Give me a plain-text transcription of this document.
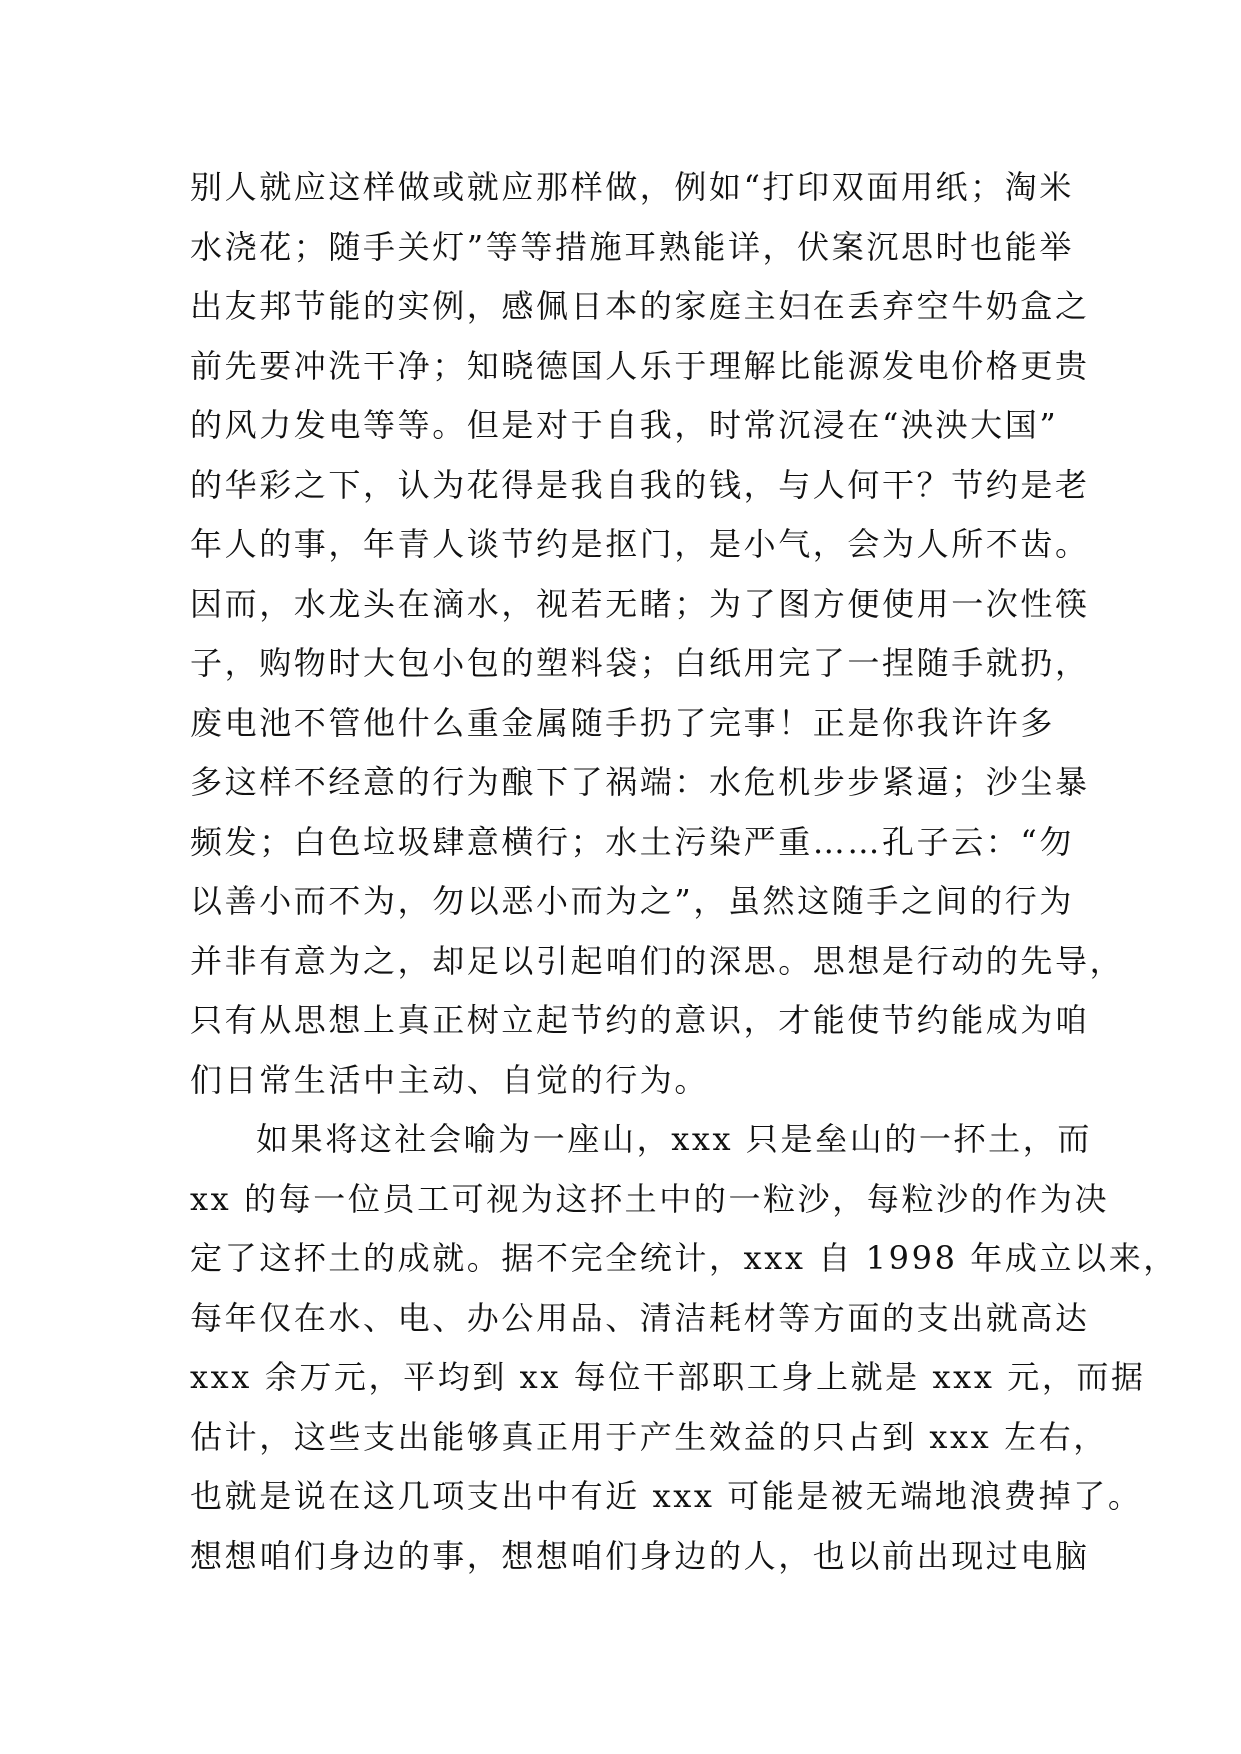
别人就应这样做或就应那样做，例如“打印双面用纸；淘米
水浇花；随手关灯”等等措施耳熟能详，伏案沉思时也能举
出友邦节能的实例，感佩日本的家庭主妇在丢弃空牛奶盒之
前先要冲洗干净；知晓德国人乐于理解比能源发电价格更贵
的风力发电等等。但是对于自我，时常沉浸在“泱泱大国”
的华彩之下，认为花得是我自我的钱，与人何干？节约是老
年人的事，年青人谈节约是抠门，是小气，会为人所不齿。
因而，水龙头在滴水，视若无睹；为了图方便使用一次性筷
子，购物时大包小包的塑料袋；白纸用完了一捏随手就扔，
废电池不管他什么重金属随手扔了完事！正是你我许许多
多这样不经意的行为酿下了祸端：水危机步步紧逼；沙尘暴
频发；白色垃圾肆意横行；水土污染严重……孔子云：“勿
以善小而不为，勿以恶小而为之”，虽然这随手之间的行为
并非有意为之，却足以引起咱们的深思。思想是行动的先导，
只有从思想上真正树立起节约的意识，才能使节约能成为咱
们日常生活中主动、自觉的行为。
如果将这社会喻为一座山，xxx 只是垒山的一抔土，而
xx 的每一位员工可视为这抔土中的一粒沙，每粒沙的作为决
定了这抔土的成就。据不完全统计，xxx 自 1998 年成立以来，
每年仅在水、电、办公用品、清洁耗材等方面的支出就高达
xxx 余万元，平均到 xx 每位干部职工身上就是 xxx 元，而据
估计，这些支出能够真正用于产生效益的只占到 xxx 左右，
也就是说在这几项支出中有近 xxx 可能是被无端地浪费掉了。
想想咱们身边的事，想想咱们身边的人，也以前出现过电脑
